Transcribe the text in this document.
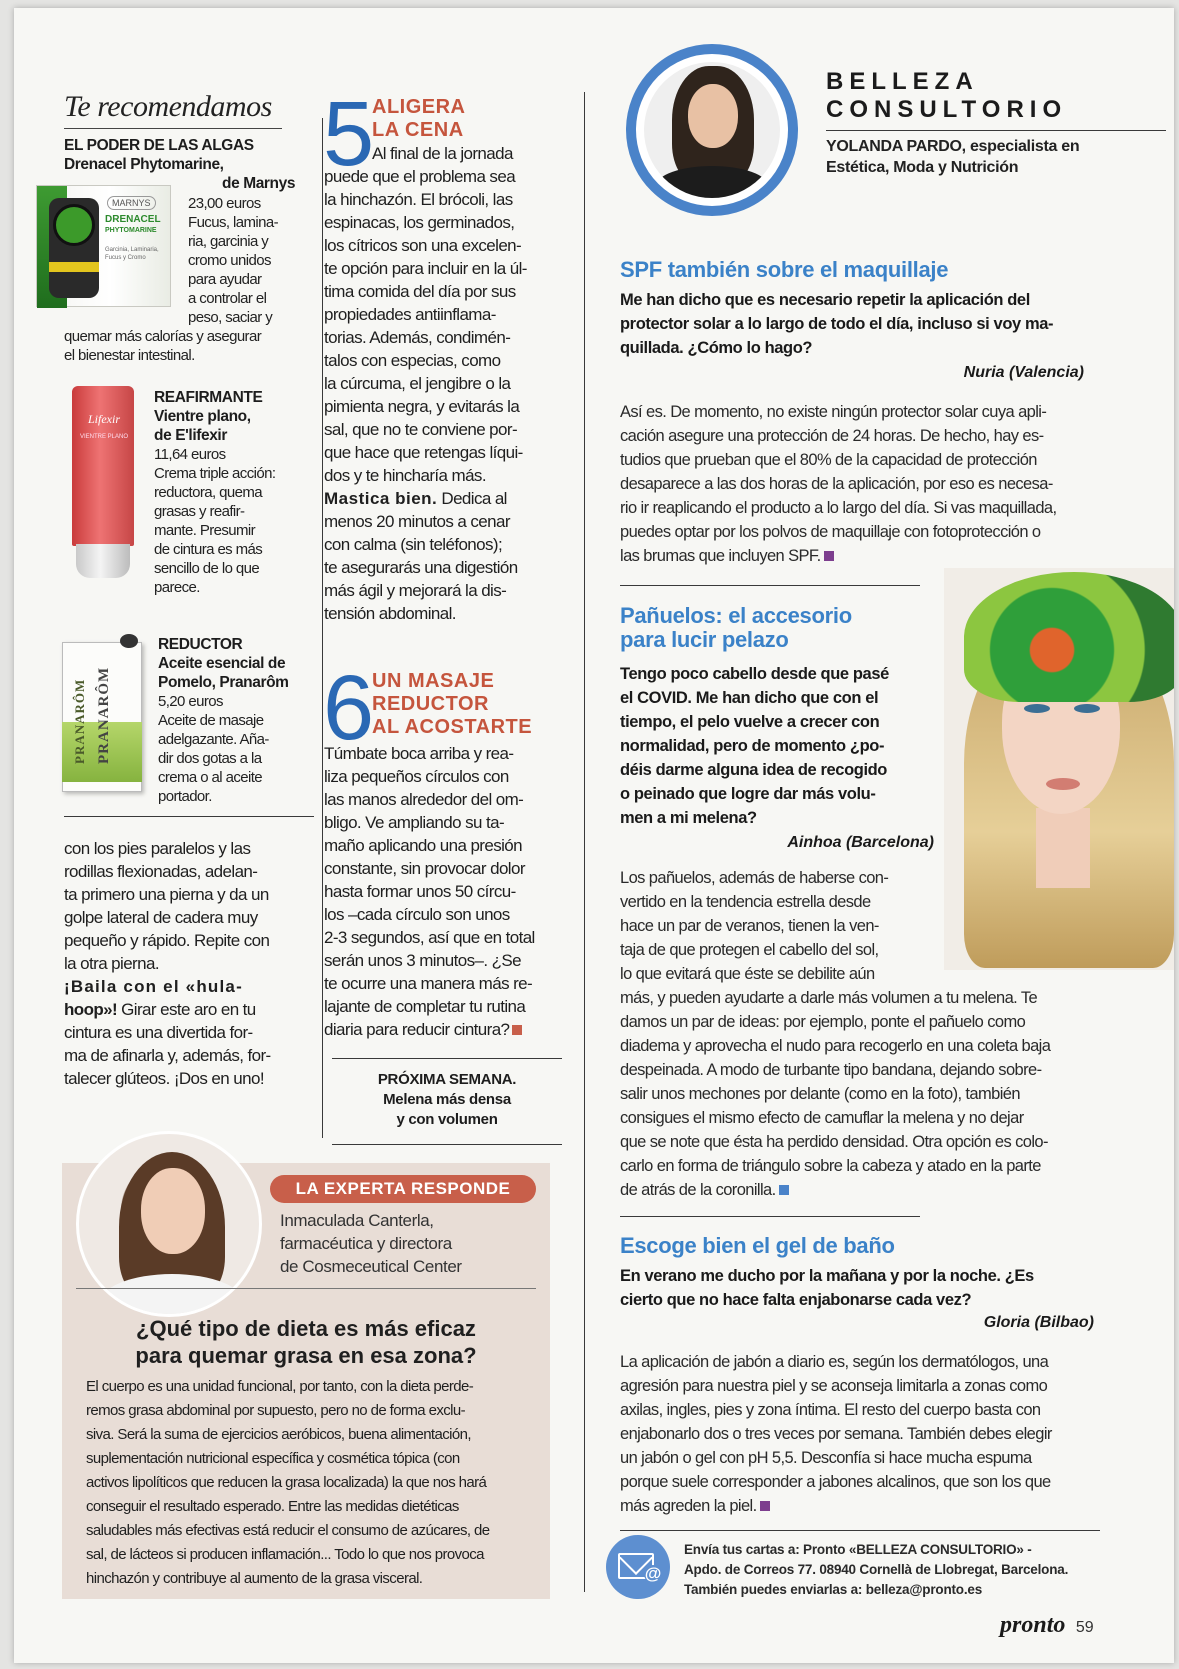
Te recomendamos
EL PODER DE LAS ALGAS
Drenacel Phytomarine,
de Marnys
MARNYS
DRENACEL
PHYTOMARINE
Garcinia, Laminaria, Fucus y Cromo
23,00 euros
Fucus, lamina-
ria, garcinia y
cromo unidos
para ayudar
a controlar el
peso, saciar y
quemar más calorías y asegurar
el bienestar intestinal.
Lifexir
VIENTRE PLANO
REAFIRMANTE
Vientre plano,
de E'lifexir
11,64 euros
Crema triple acción:
reductora, quema
grasas y reafir-
mante. Presumir
de cintura es más
sencillo de lo que
parece.
PRANARÔM PRANARÔM
REDUCTOR
Aceite esencial de
Pomelo, Pranarôm
5,20 euros
Aceite de masaje
adelgazante. Aña-
dir dos gotas a la
crema o al aceite
portador.
con los pies paralelos y las
rodillas flexionadas, adelan-
ta primero una pierna y da un
golpe lateral de cadera muy
pequeño y rápido. Repite con
la otra pierna.
¡Baila con el «hula-
hoop»! Girar este aro en tu
cintura es una divertida for-
ma de afinarla y, además, for-
talecer glúteos. ¡Dos en uno!
5
ALIGERA
LA CENA
Al final de la jornada
puede que el problema sea
la hinchazón. El brócoli, las
espinacas, los germinados,
los cítricos son una excelen-
te opción para incluir en la úl-
tima comida del día por sus
propiedades antiinflama-
torias. Además, condimén-
talos con especias, como
la cúrcuma, el jengibre o la
pimienta negra, y evitarás la
sal, que no te conviene por-
que hace que retengas líqui-
dos y te hincharía más.
Mastica bien. Dedica al
menos 20 minutos a cenar
con calma (sin teléfonos);
te asegurarás una digestión
más ágil y mejorará la dis-
tensión abdominal.
6
UN MASAJE
REDUCTOR
AL ACOSTARTE
Túmbate boca arriba y rea-
liza pequeños círculos con
las manos alrededor del om-
bligo. Ve ampliando su ta-
maño aplicando una presión
constante, sin provocar dolor
hasta formar unos 50 círcu-
los –cada círculo son unos
2-3 segundos, así que en total
serán unos 3 minutos–. ¿Se
te ocurre una manera más re-
lajante de completar tu rutina
diaria para reducir cintura?
PRÓXIMA SEMANA.
Melena más densa
y con volumen
LA EXPERTA RESPONDE
Inmaculada Canterla,
farmacéutica y directora
de Cosmeceutical Center
¿Qué tipo de dieta es más eficaz
para quemar grasa en esa zona?
El cuerpo es una unidad funcional, por tanto, con la dieta perde-
remos grasa abdominal por supuesto, pero no de forma exclu-
siva. Será la suma de ejercicios aeróbicos, buena alimentación,
suplementación nutricional específica y cosmética tópica (con
activos lipolíticos que reducen la grasa localizada) la que nos hará
conseguir el resultado esperado. Entre las medidas dietéticas
saludables más efectivas está reducir el consumo de azúcares, de
sal, de lácteos si producen inflamación... Todo lo que nos provoca
hinchazón y contribuye al aumento de la grasa visceral.
BELLEZA
CONSULTORIO
YOLANDA PARDO, especialista en
Estética, Moda y Nutrición
SPF también sobre el maquillaje
Me han dicho que es necesario repetir la aplicación del
protector solar a lo largo de todo el día, incluso si voy ma-
quillada. ¿Cómo lo hago?
Nuria (Valencia)
Así es. De momento, no existe ningún protector solar cuya apli-
cación asegure una protección de 24 horas. De hecho, hay es-
tudios que prueban que el 80% de la capacidad de protección
desaparece a las dos horas de la aplicación, por eso es necesa-
rio ir reaplicando el producto a lo largo del día. Si vas maquillada,
puedes optar por los polvos de maquillaje con fotoprotección o
las brumas que incluyen SPF.
Pañuelos: el accesorio
para lucir pelazo
Tengo poco cabello desde que pasé
el COVID. Me han dicho que con el
tiempo, el pelo vuelve a crecer con
normalidad, pero de momento ¿po-
déis darme alguna idea de recogido
o peinado que logre dar más volu-
men a mi melena?
Ainhoa (Barcelona)
Los pañuelos, además de haberse con-
vertido en la tendencia estrella desde
hace un par de veranos, tienen la ven-
taja de que protegen el cabello del sol,
lo que evitará que éste se debilite aún
más, y pueden ayudarte a darle más volumen a tu melena. Te
damos un par de ideas: por ejemplo, ponte el pañuelo como
diadema y aprovecha el nudo para recogerlo en una coleta baja
despeinada. A modo de turbante tipo bandana, dejando sobre-
salir unos mechones por delante (como en la foto), también
consigues el mismo efecto de camuflar la melena y no dejar
que se note que ésta ha perdido densidad. Otra opción es colo-
carlo en forma de triángulo sobre la cabeza y atado en la parte
de atrás de la coronilla.
Escoge bien el gel de baño
En verano me ducho por la mañana y por la noche. ¿Es
cierto que no hace falta enjabonarse cada vez?
Gloria (Bilbao)
La aplicación de jabón a diario es, según los dermatólogos, una
agresión para nuestra piel y se aconseja limitarla a zonas como
axilas, ingles, pies y zona íntima. El resto del cuerpo basta con
enjabonarlo dos o tres veces por semana. También debes elegir
un jabón o gel con pH 5,5. Desconfía si hace mucha espuma
porque suele corresponder a jabones alcalinos, que son los que
más agreden la piel.
@
Envía tus cartas a: Pronto «BELLEZA CONSULTORIO» -
Apdo. de Correos 77. 08940 Cornellà de Llobregat, Barcelona.
También puedes enviarlas a: belleza@pronto.es
pronto 59
